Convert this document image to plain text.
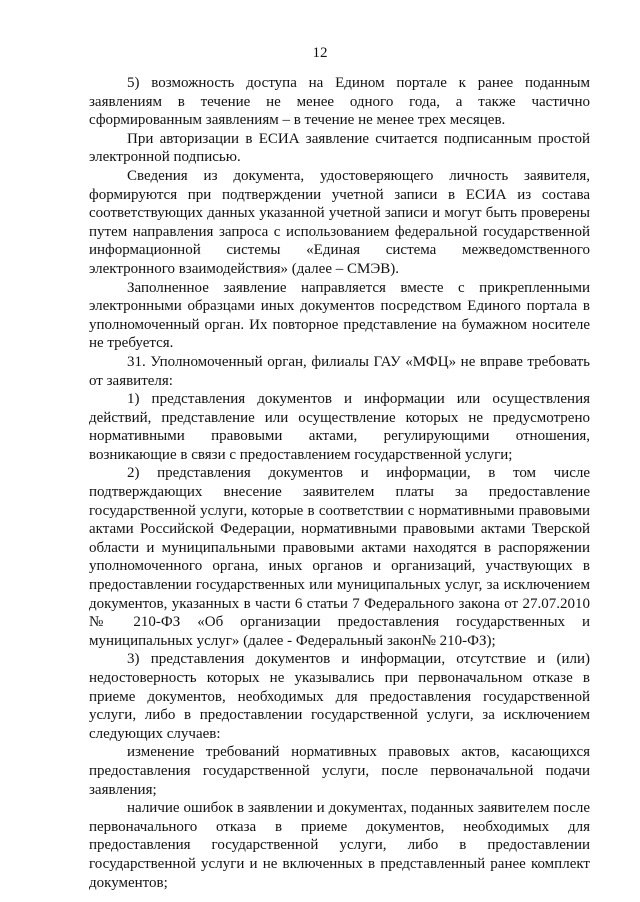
12

5) возможность доступа на Едином портале к ранее поданным заявлениям в течение не менее одного года, а также частично сформированным заявлениям – в течение не менее трех месяцев.

При авторизации в ЕСИА заявление считается подписанным простой электронной подписью.

Сведения из документа, удостоверяющего личность заявителя, формируются при подтверждении учетной записи в ЕСИА из состава соответствующих данных указанной учетной записи и могут быть проверены путем направления запроса с использованием федеральной государственной информационной системы «Единая система межведомственного электронного взаимодействия» (далее – СМЭВ).

Заполненное заявление направляется вместе с прикрепленными электронными образцами иных документов посредством Единого портала в уполномоченный орган. Их повторное представление на бумажном носителе не требуется.

31. Уполномоченный орган, филиалы ГАУ «МФЦ» не вправе требовать от заявителя:

1) представления документов и информации или осуществления действий, представление или осуществление которых не предусмотрено нормативными правовыми актами, регулирующими отношения, возникающие в связи с предоставлением государственной услуги;

2) представления документов и информации, в том числе подтверждающих внесение заявителем платы за предоставление государственной услуги, которые в соответствии с нормативными правовыми актами Российской Федерации, нормативными правовыми актами Тверской области и муниципальными правовыми актами находятся в распоряжении уполномоченного органа, иных органов и организаций, участвующих в предоставлении государственных или муниципальных услуг, за исключением документов, указанных в части 6 статьи 7 Федерального закона от 27.07.2010 № 210-ФЗ «Об организации предоставления государственных и муниципальных услуг» (далее - Федеральный закон№ 210-ФЗ);

3) представления документов и информации, отсутствие и (или) недостоверность которых не указывались при первоначальном отказе в приеме документов, необходимых для предоставления государственной услуги, либо в предоставлении государственной услуги, за исключением следующих случаев:

изменение требований нормативных правовых актов, касающихся предоставления государственной услуги, после первоначальной подачи заявления;

наличие ошибок в заявлении и документах, поданных заявителем после первоначального отказа в приеме документов, необходимых для предоставления государственной услуги, либо в предоставлении государственной услуги и не включенных в представленный ранее комплект документов;
